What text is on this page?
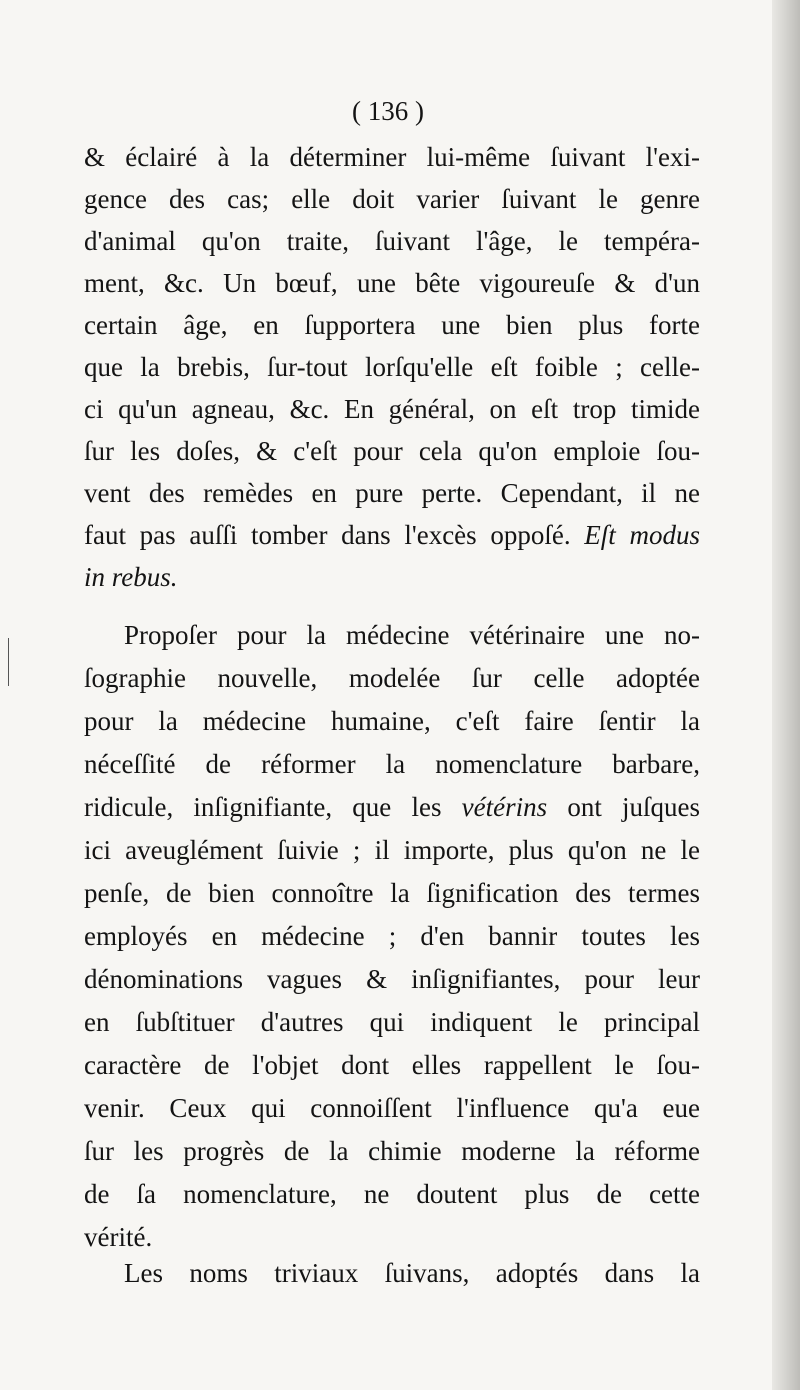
( 136 )
& éclairé à la déterminer lui-même ſuivant l'exi-
gence des cas; elle doit varier ſuivant le genre
d'animal qu'on traite, ſuivant l'âge, le tempéra-
ment, &c. Un bœuf, une bête vigoureuſe & d'un
certain âge, en ſupportera une bien plus forte
que la brebis, ſur-tout lorſqu'elle eſt foible ; celle-
ci qu'un agneau, &c. En général, on eſt trop timide
ſur les doſes, & c'eſt pour cela qu'on emploie ſou-
vent des remèdes en pure perte. Cependant, il ne
faut pas auſſi tomber dans l'excès oppoſé. Eſt modus
in rebus.
Propoſer pour la médecine vétérinaire une no-
ſographie nouvelle, modelée ſur celle adoptée
pour la médecine humaine, c'eſt faire ſentir la
néceſſité de réformer la nomenclature barbare,
ridicule, inſignifiante, que les vétérins ont juſques
ici aveuglément ſuivie ; il importe, plus qu'on ne le
penſe, de bien connoître la ſignification des termes
employés en médecine ; d'en bannir toutes les
dénominations vagues & inſignifiantes, pour leur
en ſubſtituer d'autres qui indiquent le principal
caractère de l'objet dont elles rappellent le ſou-
venir. Ceux qui connoiſſent l'influence qu'a eue
ſur les progrès de la chimie moderne la réforme
de ſa nomenclature, ne doutent plus de cette
vérité.
Les noms triviaux ſuivans, adoptés dans la
